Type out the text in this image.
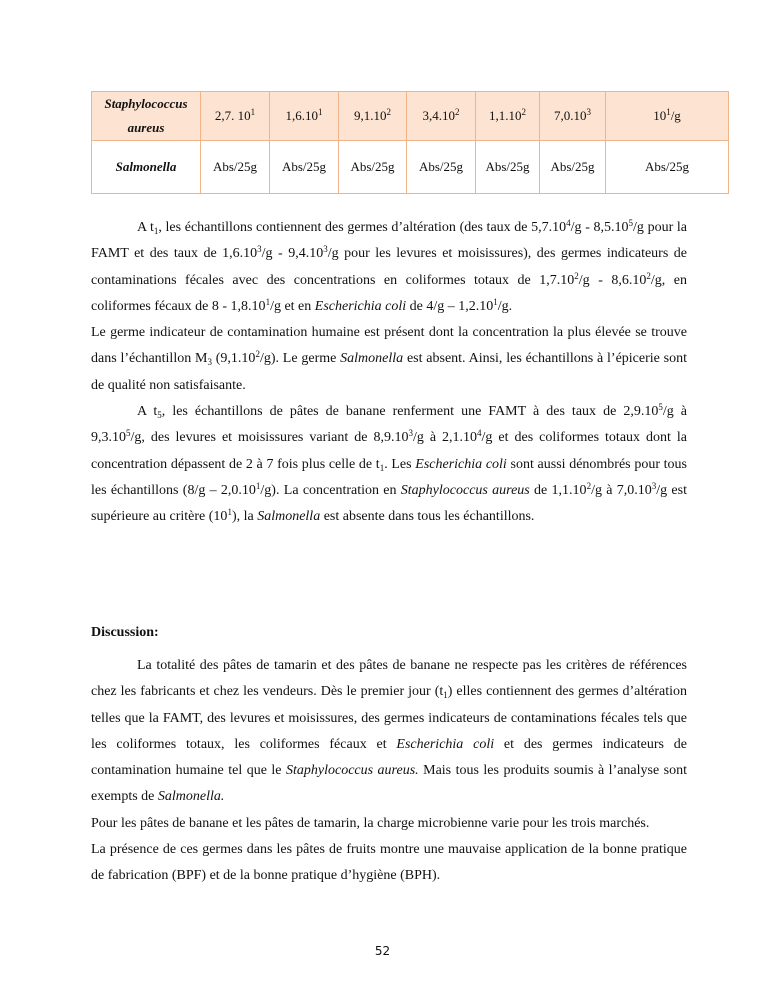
Staphylococcus
aureus	2,7. $10^1$	1,6.10$^1$	9,1.10$^2$	3,4.10$^2$	1,1.10$^2$	7,0.10$^3$	$10^1/g$
Salmonella	Abs/25g	Abs/25g	Abs/25g	Abs/25g	Abs/25g	Abs/25g	Abs/25g

A $t_1$, les échantillons contiennent des germes d’altération (des taux de 5,7.10$^4$/g - 8,5.10$^5$/g pour la FAMT et des taux de 1,6.10$^3$/g - 9,4.10$^3$/g pour les levures et moisissures), des germes indicateurs de contaminations fécales avec des concentrations en coliformes totaux de 1,7.10$^2$/g - 8,6.10$^2$/g, en coliformes fécaux de 8 - 1,8.10$^1$/g et en Escherichia coli de 4/g – 1,2.10$^1$/g.

Le germe indicateur de contamination humaine est présent dont la concentration la plus élevée se trouve dans l’échantillon $M_3$ (9,1.10$^2$/g). Le germe Salmonella est absent. Ainsi, les échantillons à l’épicerie sont de qualité non satisfaisante.

A $t_5$, les échantillons de pâtes de banane renferment une FAMT à des taux de 2,9.10$^5$/g à 9,3.10$^5$/g, des levures et moisissures variant de 8,9.10$^3$/g à 2,1.10$^4$/g et des coliformes totaux dont la concentration dépassent de 2 à 7 fois plus celle de $t_1$. Les Escherichia coli sont aussi dénombrés pour tous les échantillons (8/g – 2,0.10$^1$/g). La concentration en Staphylococcus aureus de 1,1.10$^2$/g à 7,0.10$^3$/g est supérieure au critère $(10^1)$, la Salmonella est absente dans tous les échantillons.

Discussion:

La totalité des pâtes de tamarin et des pâtes de banane ne respecte pas les critères de références chez les fabricants et chez les vendeurs. Dès le premier jour $(t_1)$ elles contiennent des germes d’altération telles que la FAMT, des levures et moisissures, des germes indicateurs de contaminations fécales tels que les coliformes totaux, les coliformes fécaux et Escherichia coli et des germes indicateurs de contamination humaine tel que le Staphylococcus aureus. Mais tous les produits soumis à l’analyse sont exempts de Salmonella.

Pour les pâtes de banane et les pâtes de tamarin, la charge microbienne varie pour les trois marchés.

La présence de ces germes dans les pâtes de fruits montre une mauvaise application de la bonne pratique de fabrication (BPF) et de la bonne pratique d’hygiène (BPH).

52
